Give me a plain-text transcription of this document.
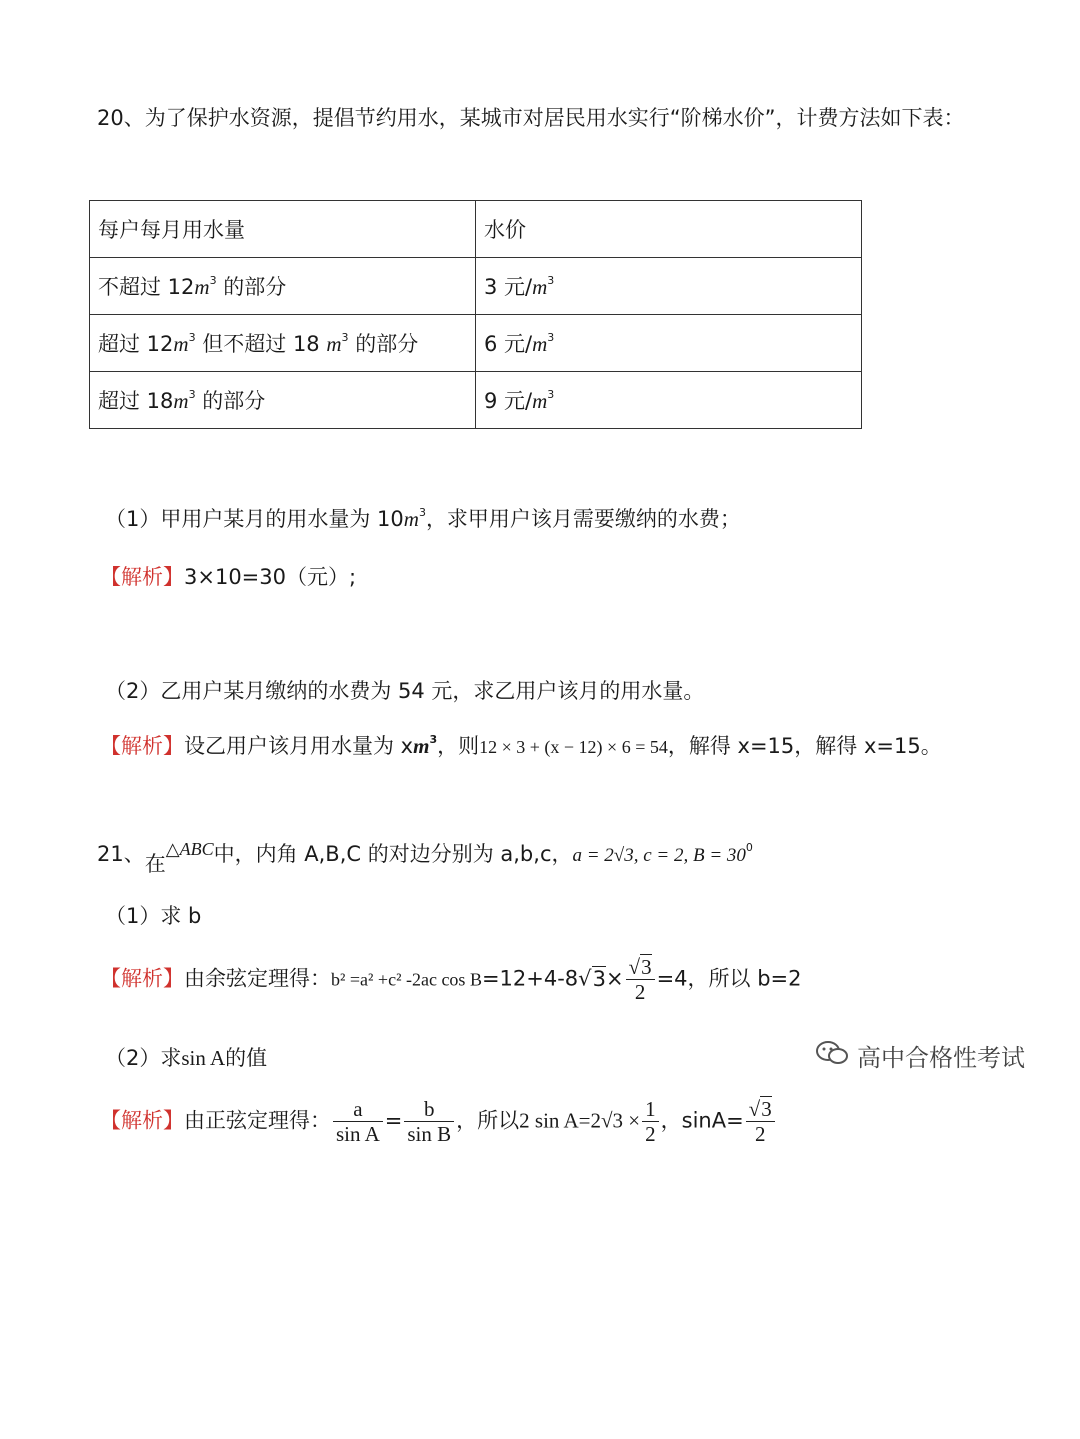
20、为了保护水资源，提倡节约用水，某城市对居民用水实行“阶梯水价”，计费方法如下表：
每户每月用水量	水价
不超过 $12m^3$ 的部分	3 元$/m^3$
超过 $12m^3$ 但不超过 18 $m^3$ 的部分	6 元$/m^3$
超过 $18m^3$ 的部分	9 元$/m^3$
（1）甲用户某月的用水量为 $10m^3$，求甲用户该月需要缴纳的水费；
【解析】3×10=30（元）;
（2）乙用户某月缴纳的水费为 54 元，求乙用户该月的用水量。
【解析】设乙用户该月用水量为 $xm^3$，则12 × 3 + (x − 12) × 6 = 54，解得 x=15，解得 x=15。
21、在△ABC中，内角 A,B,C 的对边分别为 a,b,c，a = 2√3, c = 2, $B = 30^0$
（1）求 b
【解析】由余弦定理得：b² =a² +c² -2ac $\cos B=12+4-8√3\times \frac{√3}{2} =4$，所以 b=2
（2）求sin A的值
【解析】由正弦定理得： $\frac{a}{\text{sin A}} = \frac{b}{\text{sin B}}$ ，所以2 $\sin A=2√3 \times \frac{1}{2}$ ，$\sin A= \frac{√3}{2}$
高中合格性考试
